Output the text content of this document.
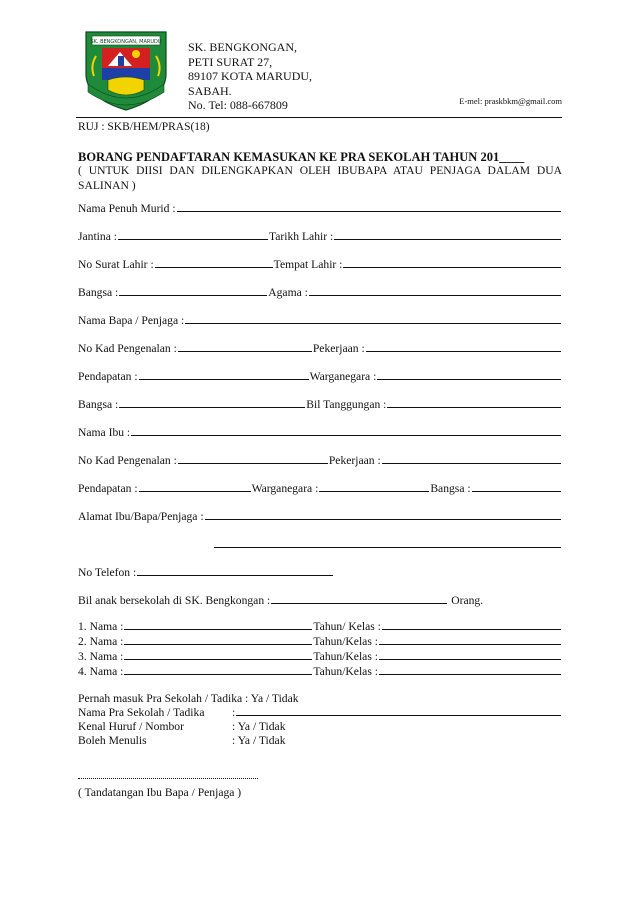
SK. BENGKONGAN, MARUDU SK. BENGKONGAN,
PETI SURAT 27,
89107 KOTA MARUDU,
SABAH.
No. Tel: 088-667809	E-mel: praskbkm@gmail.com
RUJ : SKB/HEM/PRAS(18)
BORANG PENDAFTARAN KEMASUKAN KE PRA SEKOLAH TAHUN 201____
( UNTUK DIISI DAN DILENGKAPKAN OLEH IBUBAPA ATAU PENJAGA DALAM DUA SALINAN )
Nama Penuh Murid :
Jantina :	Tarikh Lahir :
No Surat Lahir :	Tempat Lahir :
Bangsa :	Agama :
Nama Bapa / Penjaga :
No Kad Pengenalan :	Pekerjaan :
Pendapatan :	Warganegara :
Bangsa :	Bil Tanggungan :
Nama Ibu :
No Kad Pengenalan :	Pekerjaan :
Pendapatan :	Warganegara :	Bangsa :
Alamat Ibu/Bapa/Penjaga :
No Telefon :
Bil anak bersekolah di SK. Bengkongan :	Orang.
1. Nama :	Tahun/ Kelas :
2. Nama :	Tahun/Kelas :
3. Nama :	Tahun/Kelas :
4. Nama :	Tahun/Kelas :
Pernah masuk Pra Sekolah / Tadika : Ya / Tidak
Nama Pra Sekolah / Tadika	:
Kenal Huruf / Nombor	: Ya / Tidak
Boleh Menulis	: Ya / Tidak
( Tandatangan Ibu Bapa / Penjaga )
